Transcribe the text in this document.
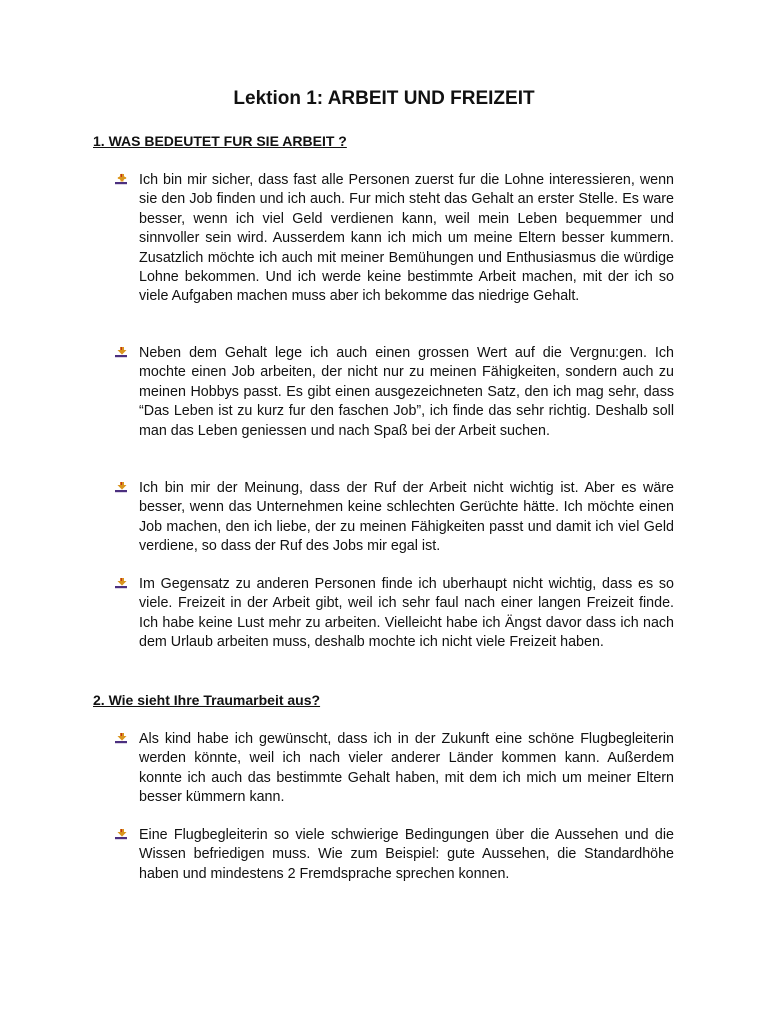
Lektion 1: ARBEIT UND FREIZEIT
1. WAS BEDEUTET FUR SIE ARBEIT ?

Ich bin mir sicher, dass fast alle Personen zuerst fur die Lohne interessieren, wenn sie den Job finden und ich auch. Fur mich steht das Gehalt an erster Stelle. Es ware besser, wenn ich viel Geld verdienen kann, weil mein Leben bequemmer und sinnvoller sein wird. Ausserdem kann ich mich um meine Eltern besser kummern. Zusatzlich möchte ich auch mit meiner Bemühungen und Enthusiasmus die würdige Lohne bekommen. Und ich werde keine bestimmte Arbeit machen, mit der ich so viele Aufgaben machen muss aber ich bekomme das niedrige Gehalt.

Neben dem Gehalt lege ich auch einen grossen Wert auf die Vergnu:gen. Ich mochte einen Job arbeiten, der nicht nur zu meinen Fähigkeiten, sondern auch zu meinen Hobbys passt. Es gibt einen ausgezeichneten Satz, den ich mag sehr, dass “Das Leben ist zu kurz fur den faschen Job”, ich finde das sehr richtig. Deshalb soll man das Leben geniessen und nach Spaß bei der Arbeit suchen.

Ich bin mir der Meinung, dass der Ruf der Arbeit nicht wichtig ist. Aber es wäre besser, wenn das Unternehmen keine schlechten Gerüchte hätte. Ich möchte einen Job machen, den ich liebe, der zu meinen Fähigkeiten passt und damit ich viel Geld verdiene, so dass der Ruf des Jobs mir egal ist.

Im Gegensatz zu anderen Personen finde ich uberhaupt nicht wichtig, dass es so viele. Freizeit in der Arbeit gibt, weil ich sehr faul nach einer langen Freizeit finde. Ich habe keine Lust mehr zu arbeiten. Vielleicht habe ich Ängst davor dass ich nach dem Urlaub arbeiten muss, deshalb mochte ich nicht viele Freizeit haben.

2. Wie sieht Ihre Traumarbeit aus?

Als kind habe ich gewünscht, dass ich in der Zukunft eine schöne Flugbegleiterin werden könnte, weil ich nach vieler anderer Länder kommen kann. Außerdem konnte ich auch das bestimmte Gehalt haben, mit dem ich mich um meiner Eltern besser kümmern kann.

Eine Flugbegleiterin so viele schwierige Bedingungen über die Aussehen und die Wissen befriedigen muss. Wie zum Beispiel: gute Aussehen, die Standardhöhe haben und mindestens 2 Fremdsprache sprechen konnen.
